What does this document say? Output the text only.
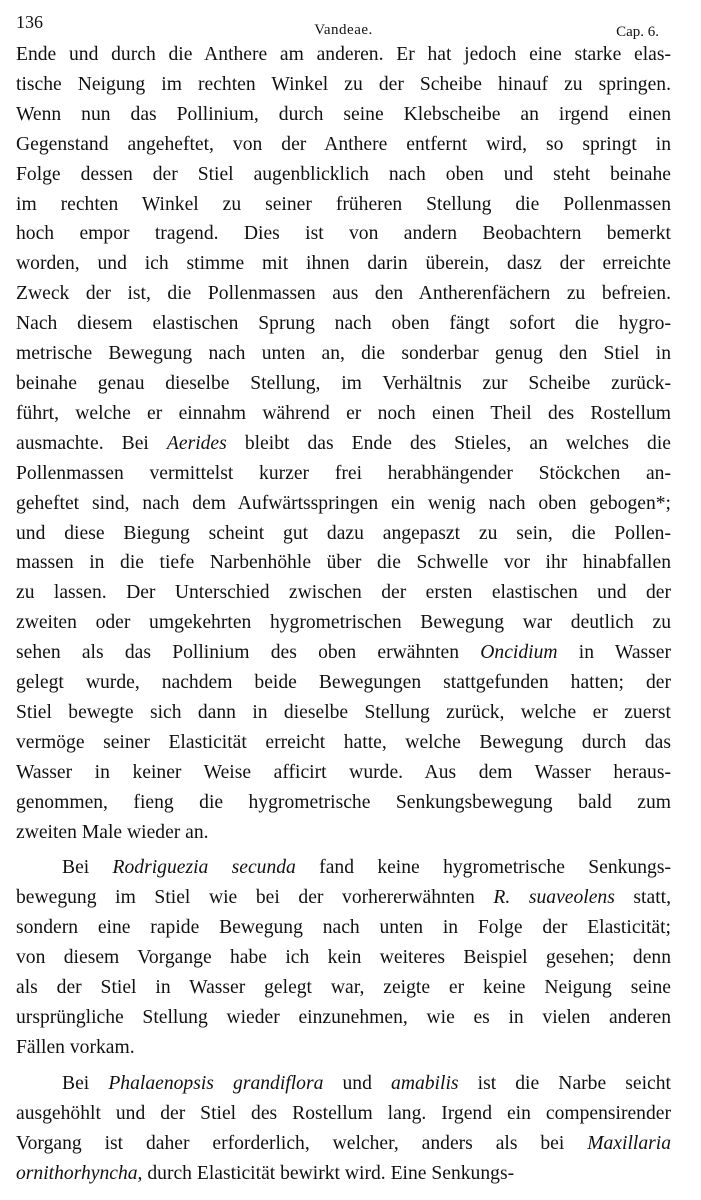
136	Vandeae.	Cap. 6.

Ende und durch die Anthere am anderen. Er hat jedoch eine starke elas-
tische Neigung im rechten Winkel zu der Scheibe hinauf zu springen.
Wenn nun das Pollinium, durch seine Klebscheibe an irgend einen
Gegenstand angeheftet, von der Anthere entfernt wird, so springt in
Folge dessen der Stiel augenblicklich nach oben und steht beinahe
im rechten Winkel zu seiner früheren Stellung die Pollenmassen
hoch empor tragend. Dies ist von andern Beobachtern bemerkt
worden, und ich stimme mit ihnen darin überein, dasz der erreichte
Zweck der ist, die Pollenmassen aus den Antherenfächern zu befreien.
Nach diesem elastischen Sprung nach oben fängt sofort die hygro-
metrische Bewegung nach unten an, die sonderbar genug den Stiel in
beinahe genau dieselbe Stellung, im Verhältnis zur Scheibe zurück-
führt, welche er einnahm während er noch einen Theil des Rostellum
ausmachte. Bei Aerides bleibt das Ende des Stieles, an welches die
Pollenmassen vermittelst kurzer frei herabhängender Stöckchen an-
geheftet sind, nach dem Aufwärtsspringen ein wenig nach oben gebogen*;
und diese Biegung scheint gut dazu angepaszt zu sein, die Pollen-
massen in die tiefe Narbenhöhle über die Schwelle vor ihr hinabfallen
zu lassen. Der Unterschied zwischen der ersten elastischen und der
zweiten oder umgekehrten hygrometrischen Bewegung war deutlich zu
sehen als das Pollinium des oben erwähnten Oncidium in Wasser
gelegt wurde, nachdem beide Bewegungen stattgefunden hatten; der
Stiel bewegte sich dann in dieselbe Stellung zurück, welche er zuerst
vermöge seiner Elasticität erreicht hatte, welche Bewegung durch das
Wasser in keiner Weise afficirt wurde. Aus dem Wasser heraus-
genommen, fieng die hygrometrische Senkungsbewegung bald zum
zweiten Male wieder an.

Bei Rodriguezia secunda fand keine hygrometrische Senkungs-
bewegung im Stiel wie bei der vorhererwähnten R. suaveolens statt,
sondern eine rapide Bewegung nach unten in Folge der Elasticität;
von diesem Vorgange habe ich kein weiteres Beispiel gesehen; denn
als der Stiel in Wasser gelegt war, zeigte er keine Neigung seine
ursprüngliche Stellung wieder einzunehmen, wie es in vielen anderen
Fällen vorkam.

Bei Phalaenopsis grandiflora und amabilis ist die Narbe seicht
ausgehöhlt und der Stiel des Rostellum lang. Irgend ein compensirender
Vorgang ist daher erforderlich, welcher, anders als bei Maxillaria
ornithorhyncha, durch Elasticität bewirkt wird. Eine Senkungs-
